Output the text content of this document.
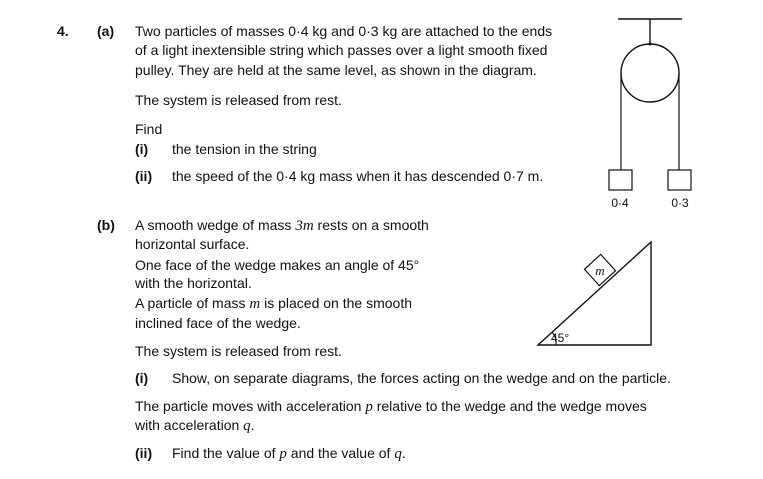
4. (a) Two particles of masses 0·4 kg and 0·3 kg are attached to the ends
of a light inextensible string which passes over a light smooth fixed
pulley. They are held at the same level, as shown in the diagram.
The system is released from rest.
Find
(i) the tension in the string
(ii) the speed of the 0·4 kg mass when it has descended 0·7 m.
0·4	0·3
(b) A smooth wedge of mass 3m rests on a smooth
horizontal surface.
One face of the wedge makes an angle of 45°
with the horizontal.
A particle of mass m is placed on the smooth
inclined face of the wedge.
The system is released from rest.
m
45°
(i) Show, on separate diagrams, the forces acting on the wedge and on the particle.
The particle moves with acceleration p relative to the wedge and the wedge moves
with acceleration q.
(ii) Find the value of p and the value of q.
